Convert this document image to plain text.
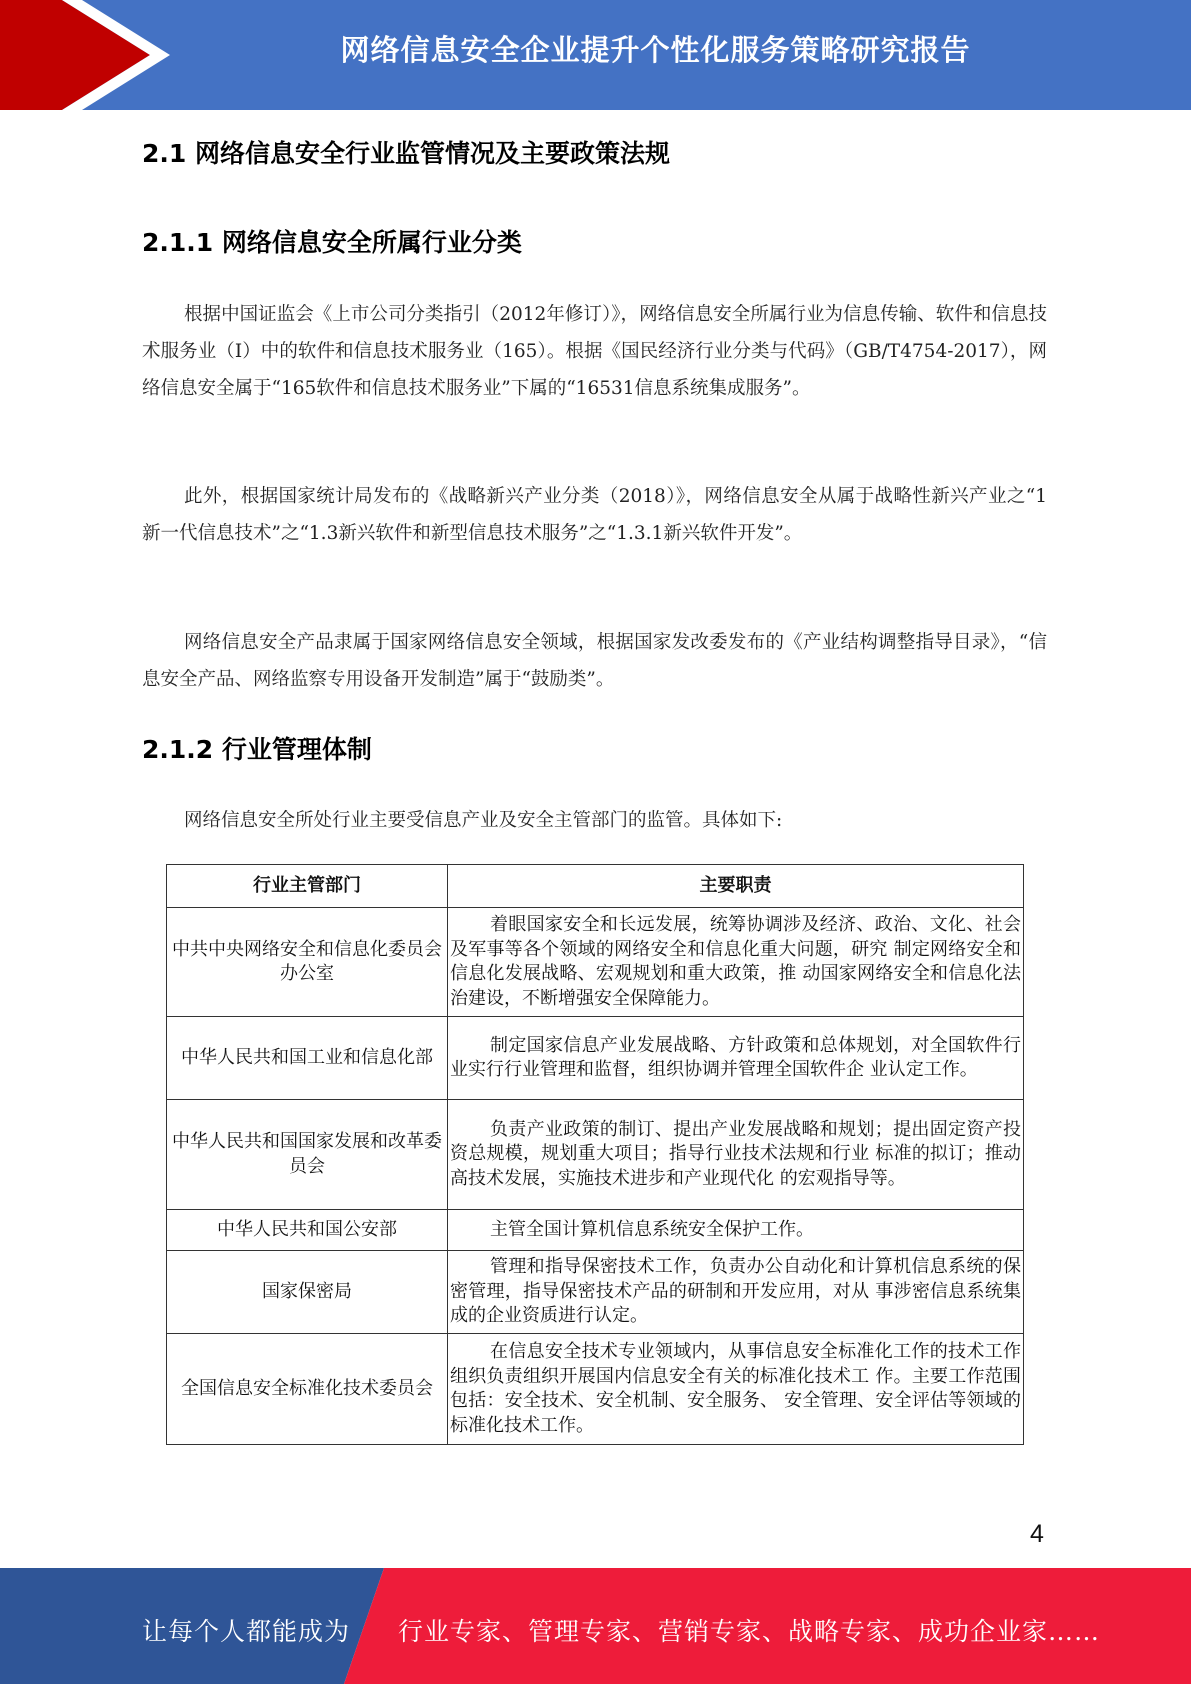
网络信息安全企业提升个性化服务策略研究报告
2.1 网络信息安全行业监管情况及主要政策法规
2.1.1 网络信息安全所属行业分类
根据中国证监会《上市公司分类指引（2012年修订）》，网络信息安全所属行业为信息传输、软件和信息技术服务业（I）中的软件和信息技术服务业（165）。根据《国民经济行业分类与代码》（GB/T4754-2017），网络信息安全属于“165软件和信息技术服务业”下属的“16531信息系统集成服务”。
此外，根据国家统计局发布的《战略新兴产业分类（2018）》，网络信息安全从属于战略性新兴产业之“1新一代信息技术”之“1.3新兴软件和新型信息技术服务”之“1.3.1新兴软件开发”。
网络信息安全产品隶属于国家网络信息安全领域，根据国家发改委发布的《产业结构调整指导目录》，“信息安全产品、网络监察专用设备开发制造”属于“鼓励类”。
2.1.2 行业管理体制
网络信息安全所处行业主要受信息产业及安全主管部门的监管。具体如下:
行业主管部门	主要职责
中共中央网络安全和信息化委员会办公室	着眼国家安全和长远发展，统筹协调涉及经济、政治、文化、社会及军事等各个领域的网络安全和信息化重大问题，研究 制定网络安全和信息化发展战略、宏观规划和重大政策，推 动国家网络安全和信息化法治建设，不断增强安全保障能力。
中华人民共和国工业和信息化部	制定国家信息产业发展战略、方针政策和总体规划，对全国软件行业实行行业管理和监督，组织协调并管理全国软件企 业认定工作。
中华人民共和国国家发展和改革委员会	负责产业政策的制订、提出产业发展战略和规划；提出固定资产投资总规模，规划重大项目；指导行业技术法规和行业 标准的拟订；推动高技术发展，实施技术进步和产业现代化 的宏观指导等。
中华人民共和国公安部	主管全国计算机信息系统安全保护工作。
国家保密局	管理和指导保密技术工作，负责办公自动化和计算机信息系统的保密管理，指导保密技术产品的研制和开发应用，对从 事涉密信息系统集成的企业资质进行认定。
全国信息安全标准化技术委员会	在信息安全技术专业领域内，从事信息安全标准化工作的技术工作组织负责组织开展国内信息安全有关的标准化技术工 作。主要工作范围包括：安全技术、安全机制、安全服务、 安全管理、安全评估等领域的标准化技术工作。
4
让每个人都能成为 行业专家、管理专家、营销专家、战略专家、成功企业家……
